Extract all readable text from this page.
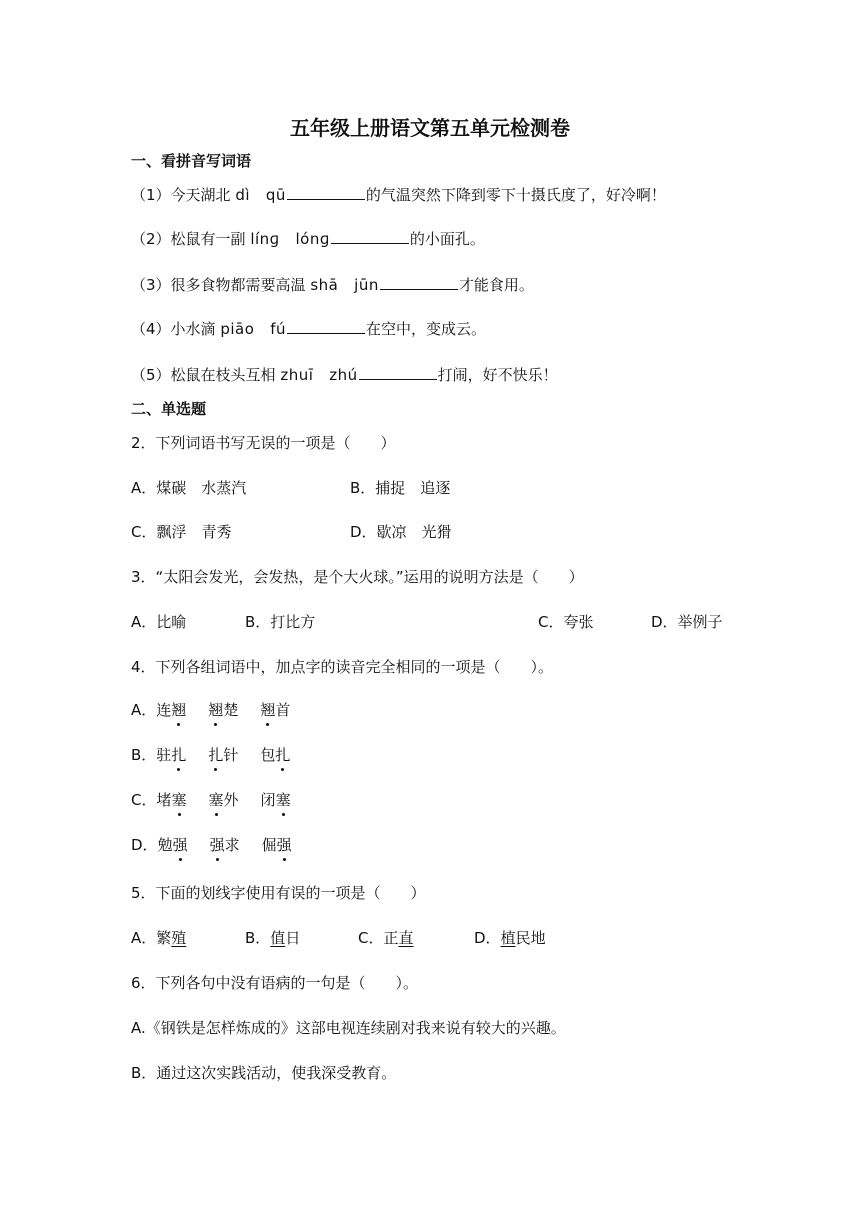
五年级上册语文第五单元检测卷
一、看拼音写词语
（1）今天湖北 dì   qū	的气温突然下降到零下十摄氏度了，好冷啊！
（2）松鼠有一副 línɡ   lónɡ	的小面孔。
（3）很多食物都需要高温 shā   jūn	才能食用。
（4）小水滴 piāo   fú	在空中，变成云。
（5）松鼠在枝头互相 zhuī   zhú	打闹，好不快乐！
二、单选题
2．下列词语书写无误的一项是（　　）
A．煤碳　水蒸汽	B．捕捉　追逐
C．飘浮　青秀	D．歇凉　光猾
3．“太阳会发光，会发热，是个大火球。”运用的说明方法是（　　）
A．比喻	B．打比方	C．夸张	D．举例子
4．下列各组词语中，加点字的读音完全相同的一项是（　　）。
A．连翘 翘楚 翘首
B．驻扎 扎针 包扎
C．堵塞 塞外 闭塞
D．勉强 强求 倔强
5．下面的划线字使用有误的一项是（　　）
A．繁殖	B．值日	C．正直	D．植民地
6．下列各句中没有语病的一句是（　　）。
A.《钢铁是怎样炼成的》这部电视连续剧对我来说有较大的兴趣。
B．通过这次实践活动，使我深受教育。
